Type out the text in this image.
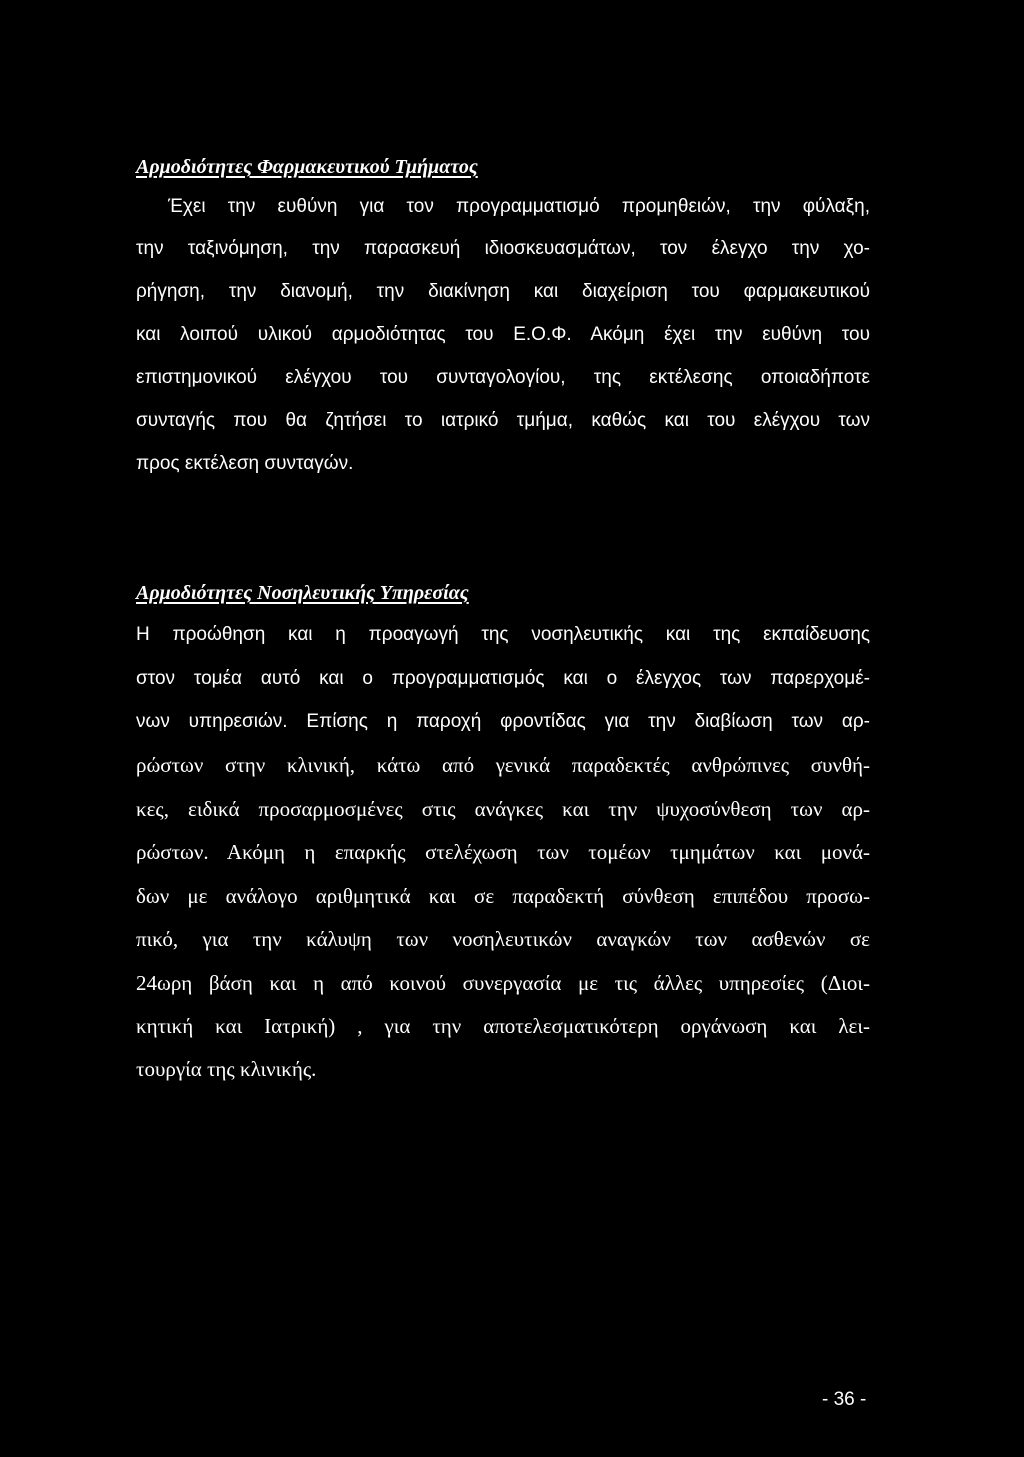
Αρμοδιότητες Φαρμακευτικού Τμήματος
Έχει την ευθύνη για τον προγραμματισμό προμηθειών, την φύλαξη,
την ταξινόμηση, την παρασκευή ιδιοσκευασμάτων, τον έλεγχο την χο-
ρήγηση, την διανομή, την διακίνηση και διαχείριση του φαρμακευτικού
και λοιπού υλικού αρμοδιότητας του Ε.Ο.Φ. Ακόμη έχει την ευθύνη του
επιστημονικού ελέγχου του συνταγολογίου, της εκτέλεσης οποιαδήποτε
συνταγής που θα ζητήσει το ιατρικό τμήμα, καθώς και του ελέγχου των
προς εκτέλεση συνταγών.
Αρμοδιότητες Νοσηλευτικής Υπηρεσίας
Η προώθηση και η προαγωγή της νοσηλευτικής και της εκπαίδευσης
στον τομέα αυτό και ο προγραμματισμός και ο έλεγχος των παρερχομέ-
νων υπηρεσιών. Επίσης η παροχή φροντίδας για την διαβίωση των αρ-
ρώστων στην κλινική, κάτω από γενικά παραδεκτές ανθρώπινες συνθή-
κες, ειδικά προσαρμοσμένες στις ανάγκες και την ψυχοσύνθεση των αρ-
ρώστων. Ακόμη η επαρκής στελέχωση των τομέων τμημάτων και μονά-
δων με ανάλογο αριθμητικά και σε παραδεκτή σύνθεση επιπέδου προσω-
πικό, για την κάλυψη των νοσηλευτικών αναγκών των ασθενών σε
24ωρη βάση και η από κοινού συνεργασία με τις άλλες υπηρεσίες (Διοι-
κητική και Ιατρική) , για την αποτελεσματικότερη οργάνωση και λει-
τουργία της κλινικής.
- 36 -
